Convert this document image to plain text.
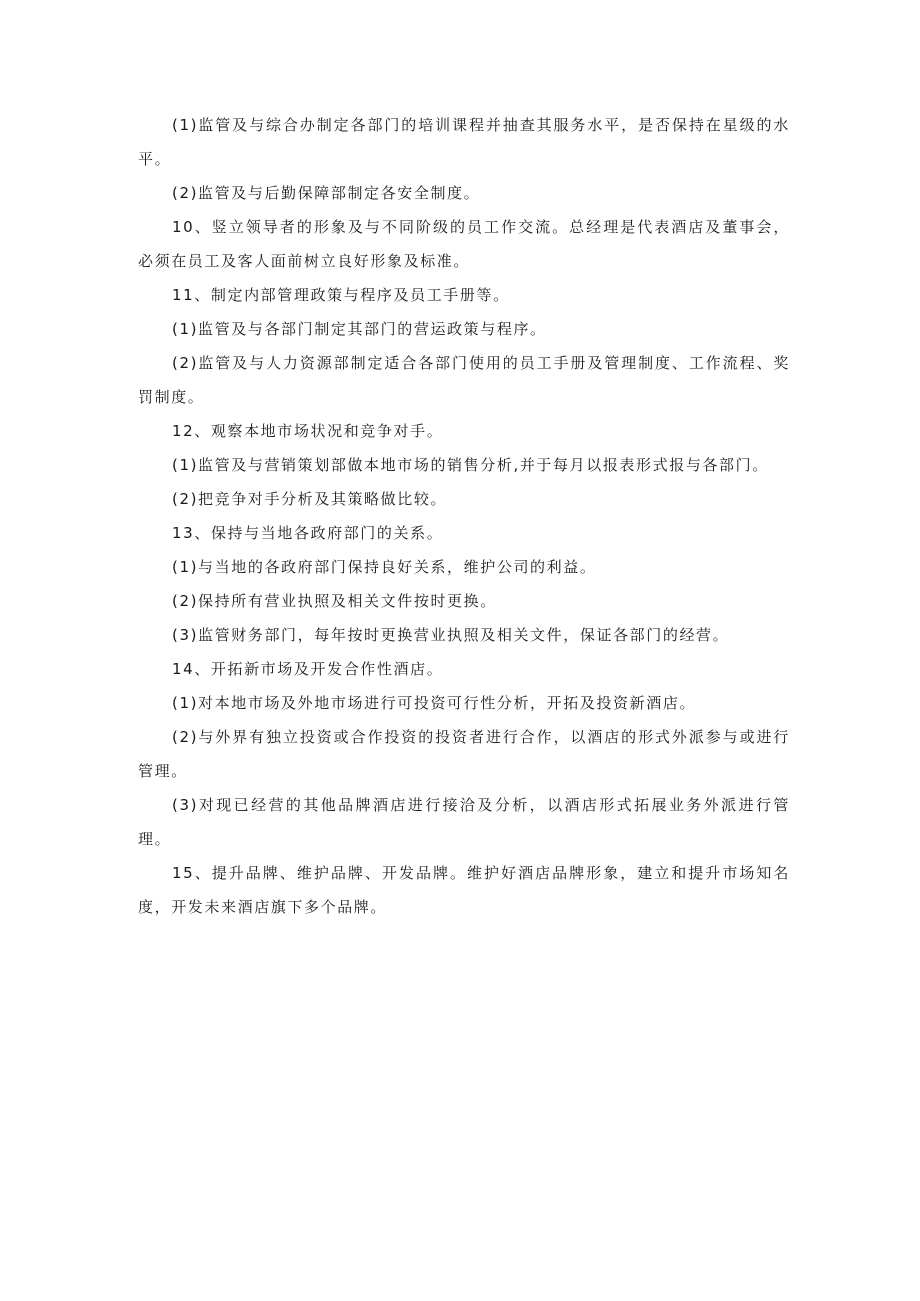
(1)监管及与综合办制定各部门的培训课程并抽查其服务水平，是否保持在星级的水平。

(2)监管及与后勤保障部制定各安全制度。

10、竖立领导者的形象及与不同阶级的员工作交流。总经理是代表酒店及董事会，必须在员工及客人面前树立良好形象及标准。

11、制定内部管理政策与程序及员工手册等。

(1)监管及与各部门制定其部门的营运政策与程序。

(2)监管及与人力资源部制定适合各部门使用的员工手册及管理制度、工作流程、奖罚制度。

12、观察本地市场状况和竞争对手。

(1)监管及与营销策划部做本地市场的销售分析,并于每月以报表形式报与各部门。

(2)把竞争对手分析及其策略做比较。

13、保持与当地各政府部门的关系。

(1)与当地的各政府部门保持良好关系，维护公司的利益。

(2)保持所有营业执照及相关文件按时更换。

(3)监管财务部门，每年按时更换营业执照及相关文件，保证各部门的经营。

14、开拓新市场及开发合作性酒店。

(1)对本地市场及外地市场进行可投资可行性分析，开拓及投资新酒店。

(2)与外界有独立投资或合作投资的投资者进行合作，以酒店的形式外派参与或进行管理。

(3)对现已经营的其他品牌酒店进行接洽及分析，以酒店形式拓展业务外派进行管理。

15、提升品牌、维护品牌、开发品牌。维护好酒店品牌形象，建立和提升市场知名度，开发未来酒店旗下多个品牌。
